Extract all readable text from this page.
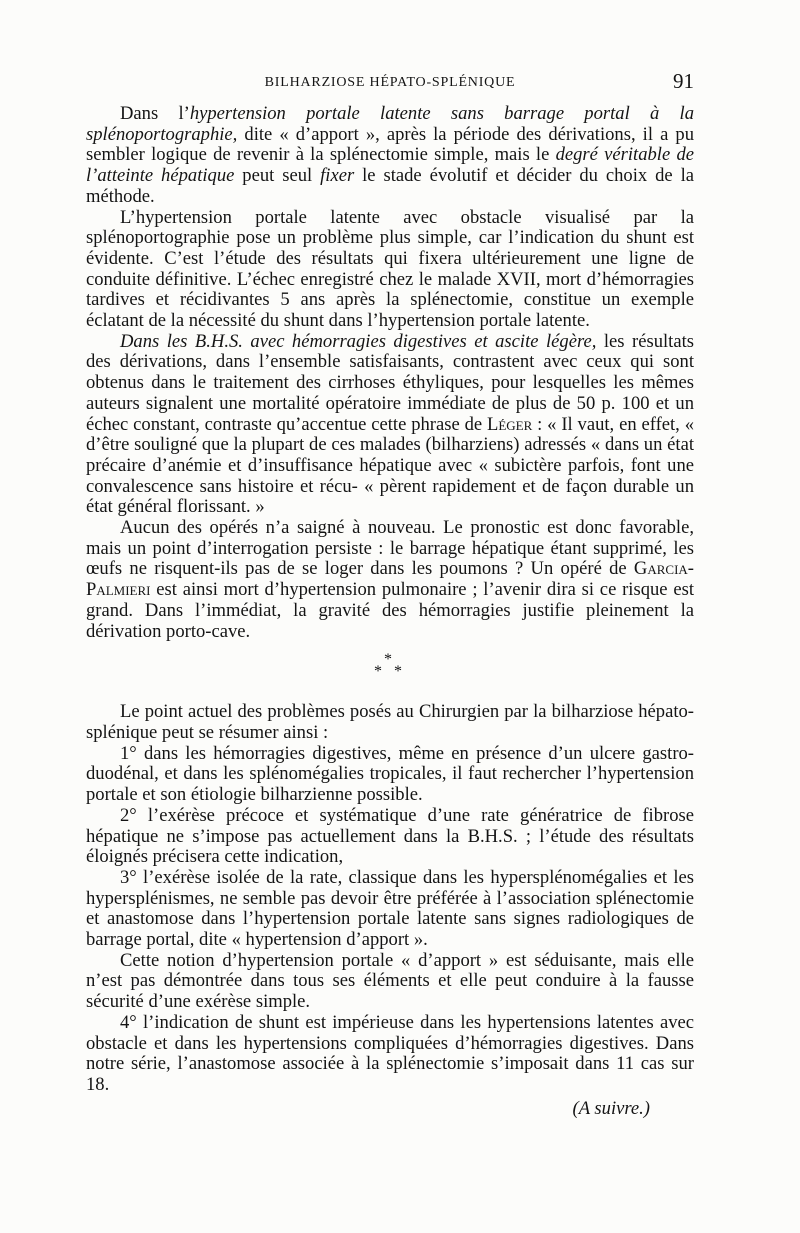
BILHARZIOSE HÉPATO-SPLÉNIQUE	91

Dans l’hypertension portale latente sans barrage portal à la splénoportographie, dite « d’apport », après la période des dérivations, il a pu sembler logique de revenir à la splénectomie simple, mais le degré véritable de l’atteinte hépatique peut seul fixer le stade évolutif et décider du choix de la méthode.

L’hypertension portale latente avec obstacle visualisé par la splénoportographie pose un problème plus simple, car l’indication du shunt est évidente. C’est l’étude des résultats qui fixera ultérieurement une ligne de conduite définitive. L’échec enregistré chez le malade XVII, mort d’hémorragies tardives et récidivantes 5 ans après la splénectomie, constitue un exemple éclatant de la nécessité du shunt dans l’hypertension portale latente.

Dans les B.H.S. avec hémorragies digestives et ascite légère, les résultats des dérivations, dans l’ensemble satisfaisants, contrastent avec ceux qui sont obtenus dans le traitement des cirrhoses éthyliques, pour lesquelles les mêmes auteurs signalent une mortalité opératoire immédiate de plus de 50 p. 100 et un échec constant, contraste qu’accentue cette phrase de Léger : « Il vaut, en effet, « d’être souligné que la plupart de ces malades (bilharziens) adressés « dans un état précaire d’anémie et d’insuffisance hépatique avec « subictère parfois, font une convalescence sans histoire et récu- « pèrent rapidement et de façon durable un état général florissant. »

Aucun des opérés n’a saigné à nouveau. Le pronostic est donc favorable, mais un point d’interrogation persiste : le barrage hépatique étant supprimé, les œufs ne risquent-ils pas de se loger dans les poumons ? Un opéré de Garcia-Palmieri est ainsi mort d’hypertension pulmonaire ; l’avenir dira si ce risque est grand. Dans l’immédiat, la gravité des hémorragies justifie pleinement la dérivation porto-cave.

*
* *

Le point actuel des problèmes posés au Chirurgien par la bilharziose hépato-splénique peut se résumer ainsi :

1° dans les hémorragies digestives, même en présence d’un ulcere gastro-duodénal, et dans les splénomégalies tropicales, il faut rechercher l’hypertension portale et son étiologie bilharzienne possible.

2° l’exérèse précoce et systématique d’une rate génératrice de fibrose hépatique ne s’impose pas actuellement dans la B.H.S. ; l’étude des résultats éloignés précisera cette indication,

3° l’exérèse isolée de la rate, classique dans les hypersplénomégalies et les hypersplénismes, ne semble pas devoir être préférée à l’association splénectomie et anastomose dans l’hypertension portale latente sans signes radiologiques de barrage portal, dite « hypertension d’apport ».

Cette notion d’hypertension portale « d’apport » est séduisante, mais elle n’est pas démontrée dans tous ses éléments et elle peut conduire à la fausse sécurité d’une exérèse simple.

4° l’indication de shunt est impérieuse dans les hypertensions latentes avec obstacle et dans les hypertensions compliquées d’hémorragies digestives. Dans notre série, l’anastomose associée à la splénectomie s’imposait dans 11 cas sur 18.

(A suivre.)
